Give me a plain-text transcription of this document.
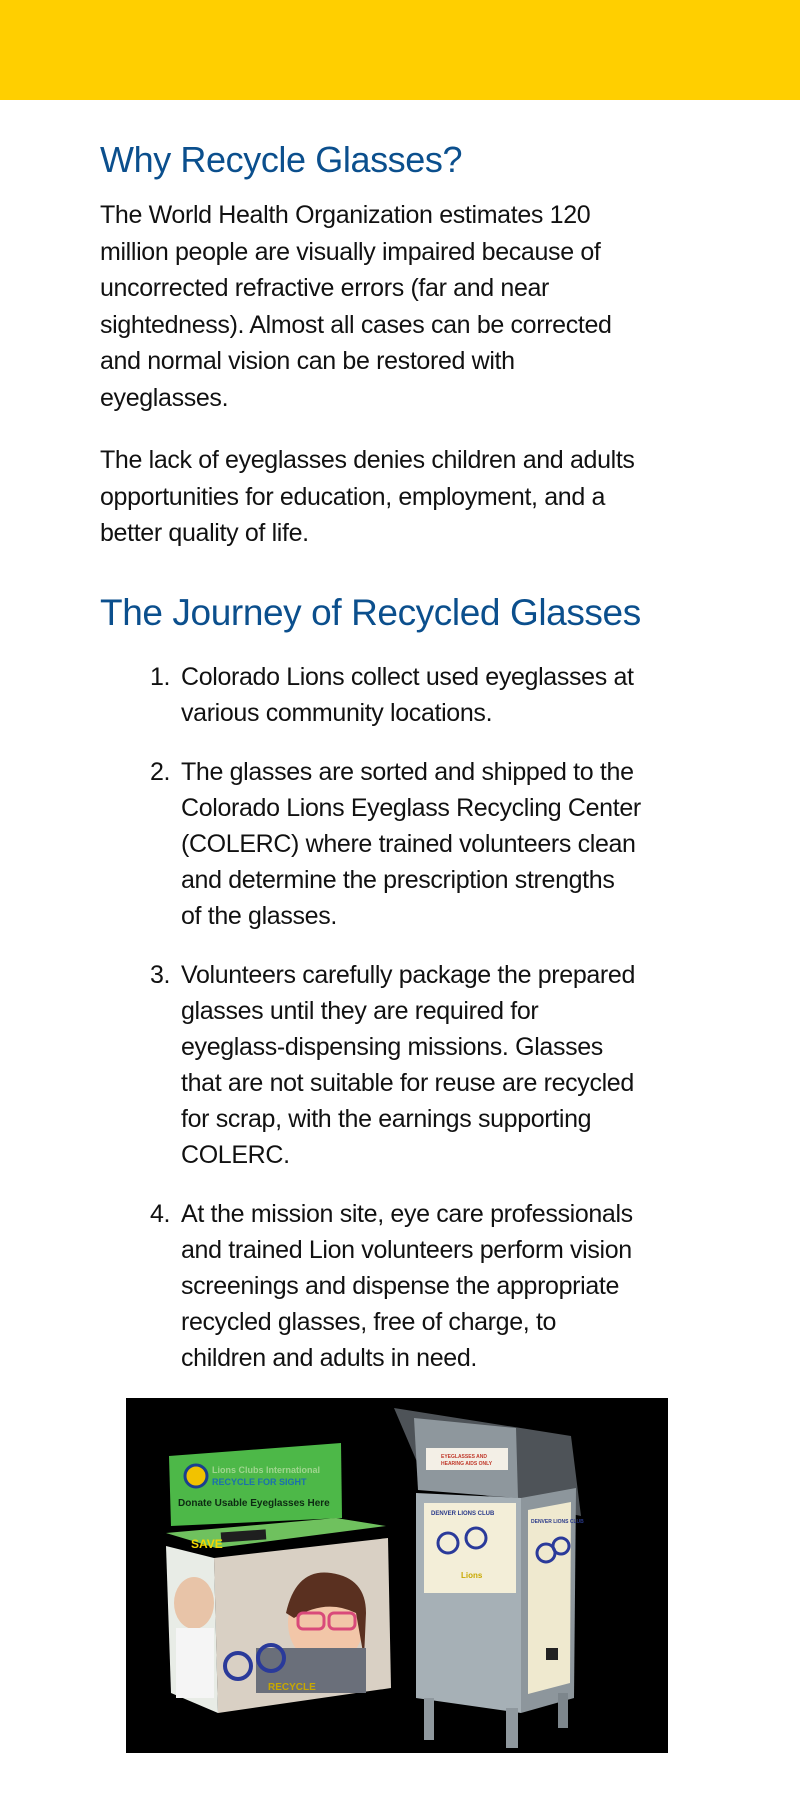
Why Recycle Glasses?
The World Health Organization estimates 120
million people are visually impaired because of
uncorrected refractive errors (far and near
sightedness). Almost all cases can be corrected
and normal vision can be restored with
eyeglasses.
The lack of eyeglasses denies children and adults
opportunities for education, employment, and a
better quality of life.
The Journey of Recycled Glasses
1. Colorado Lions collect used eyeglasses at
various community locations.
2. The glasses are sorted and shipped to the
Colorado Lions Eyeglass Recycling Center
(COLERC) where trained volunteers clean
and determine the prescription strengths
of the glasses.
3. Volunteers carefully package the prepared
glasses until they are required for
eyeglass-dispensing missions. Glasses
that are not suitable for reuse are recycled
for scrap, with the earnings supporting
COLERC.
4. At the mission site, eye care professionals
and trained Lion volunteers perform vision
screenings and dispense the appropriate
recycled glasses, free of charge, to
children and adults in need.
Lions Clubs International
RECYCLE FOR SIGHT
Donate Usable Eyeglasses Here
SAVE
RECYCLE
EYEGLASSES AND
HEARING AIDS ONLY
DENVER LIONS CLUB
Lions
DENVER LIONS CLUB
